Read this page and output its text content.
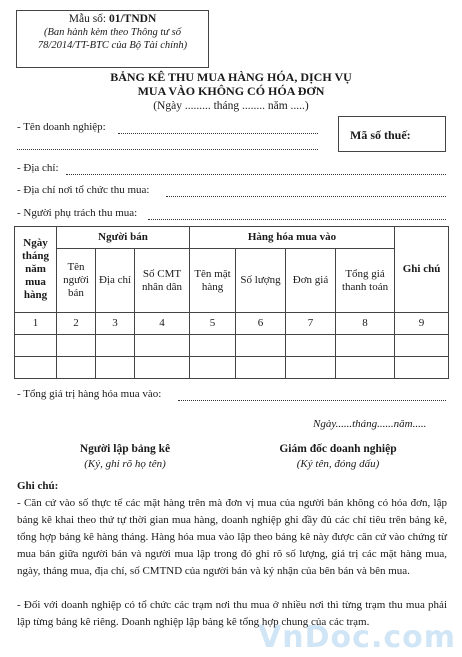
Mẫu số: 01/TNDN
(Ban hành kèm theo Thông tư số
78/2014/TT-BTC của Bộ Tài chính)
BẢNG KÊ THU MUA HÀNG HÓA, DỊCH VỤ
MUA VÀO KHÔNG CÓ HÓA ĐƠN
(Ngày ......... tháng ........ năm .....)
- Tên doanh nghiệp:
Mã số thuế:
- Địa chỉ:
- Địa chỉ nơi tổ chức thu mua:
- Người phụ trách thu mua:
Ngày tháng năm mua hàng	Người bán			Hàng hóa mua vào				Ghi chú
	Tên người bán	Địa chỉ	Số CMT nhân dân	Tên mặt hàng	Số lượng	Đơn giá	Tổng giá thanh toán	
1	2	3	4	5	6	7	8	9

- Tổng giá trị hàng hóa mua vào:
Ngày......tháng......năm.....
Người lập bảng kê
(Ký, ghi rõ họ tên)
Giám đốc doanh nghiệp
(Ký tên, đóng dấu)
Ghi chú:
- Căn cứ vào số thực tế các mặt hàng trên mà đơn vị mua của người bán không có hóa đơn, lập bảng kê khai theo thứ tự thời gian mua hàng, doanh nghiệp ghi đầy đủ các chỉ tiêu trên bảng kê, tổng hợp bảng kê hàng tháng. Hàng hóa mua vào lập theo bảng kê này được căn cứ vào chứng từ mua bán giữa người bán và người mua lập trong đó ghi rõ số lượng, giá trị các mặt hàng mua, ngày, tháng mua, địa chỉ, số CMTND của người bán và ký nhận của bên bán và bên mua.
- Đối với doanh nghiệp có tổ chức các trạm nơi thu mua ở nhiều nơi thì từng trạm thu mua phải lập từng bảng kê riêng. Doanh nghiệp lập bảng kê tổng hợp chung của các trạm.
VnDoc.com
